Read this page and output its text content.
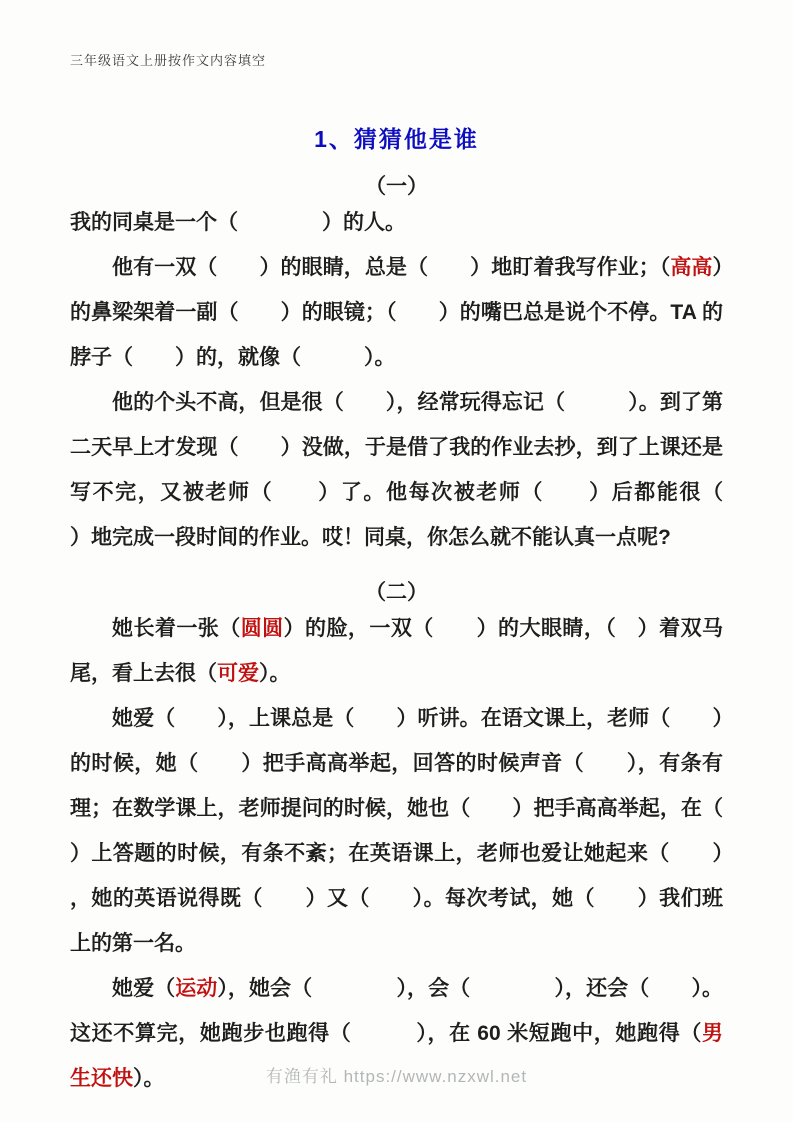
三年级语文上册按作文内容填空
1、猜猜他是谁
（一）

我的同桌是一个（　　　　）的人。

他有一双（　　）的眼睛，总是（　　）地盯着我写作业；（高高）的鼻梁架着一副（　　）的眼镜；（　　）的嘴巴总是说个不停。TA 的脖子（　　）的，就像（　　　）。

他的个头不高，但是很（　　），经常玩得忘记（　　　）。到了第二天早上才发现（　　）没做，于是借了我的作业去抄，到了上课还是写不完，又被老师（　　）了。他每次被老师（　　）后都能很（　　）地完成一段时间的作业。哎！同桌，你怎么就不能认真一点呢?

（二）

她长着一张（圆圆）的脸，一双（　　）的大眼睛，（　）着双马尾，看上去很（可爱）。

她爱（　　），上课总是（　　）听讲。在语文课上，老师（　　）的时候，她（　　）把手高高举起，回答的时候声音（　　），有条有理；在数学课上，老师提问的时候，她也（　　）把手高高举起，在（　　）上答题的时候，有条不紊；在英语课上，老师也爱让她起来（　　），她的英语说得既（　　）又（　　）。每次考试，她（　　）我们班上的第一名。

她爱（运动），她会（　　　　），会（　　　　），还会（　　）。这还不算完，她跑步也跑得（　　　），在 60 米短跑中，她跑得（男生还快）。	有渔有礼 https://www.nzxwl.net
